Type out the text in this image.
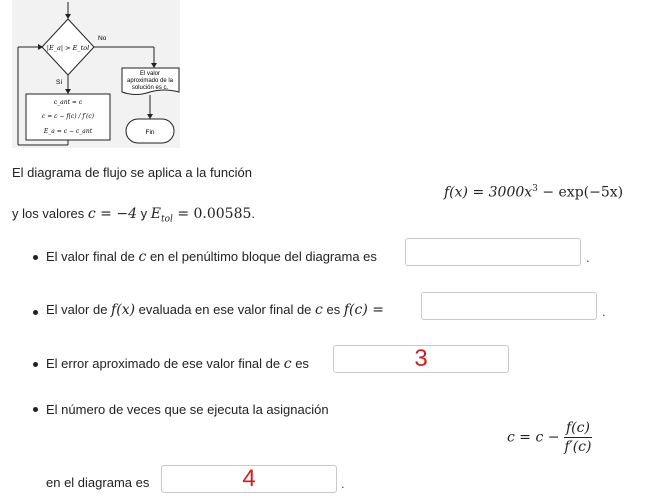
|E_a| > E_tol
No
El valor
aproximado de la
solución es c.
Fin
Sí
c_ant = c
c = c − f(c) / f′(c)
E_a = c − c_ant
El diagrama de flujo se aplica a la función
$f(x) = 3000x^3 - \exp(-5x)$
y los valores c = −4 y $E_{tol} = 0.00585$.
El valor final de c en el penúltimo bloque del diagrama es	.
El valor de f(x) evaluada en ese valor final de c es f(c) =	.
El error aproximado de ese valor final de c es
3
El número de veces que se ejecuta la asignación
$c = c - \frac{f(c)}{f'(c)}$
en el diagrama es
4	.
